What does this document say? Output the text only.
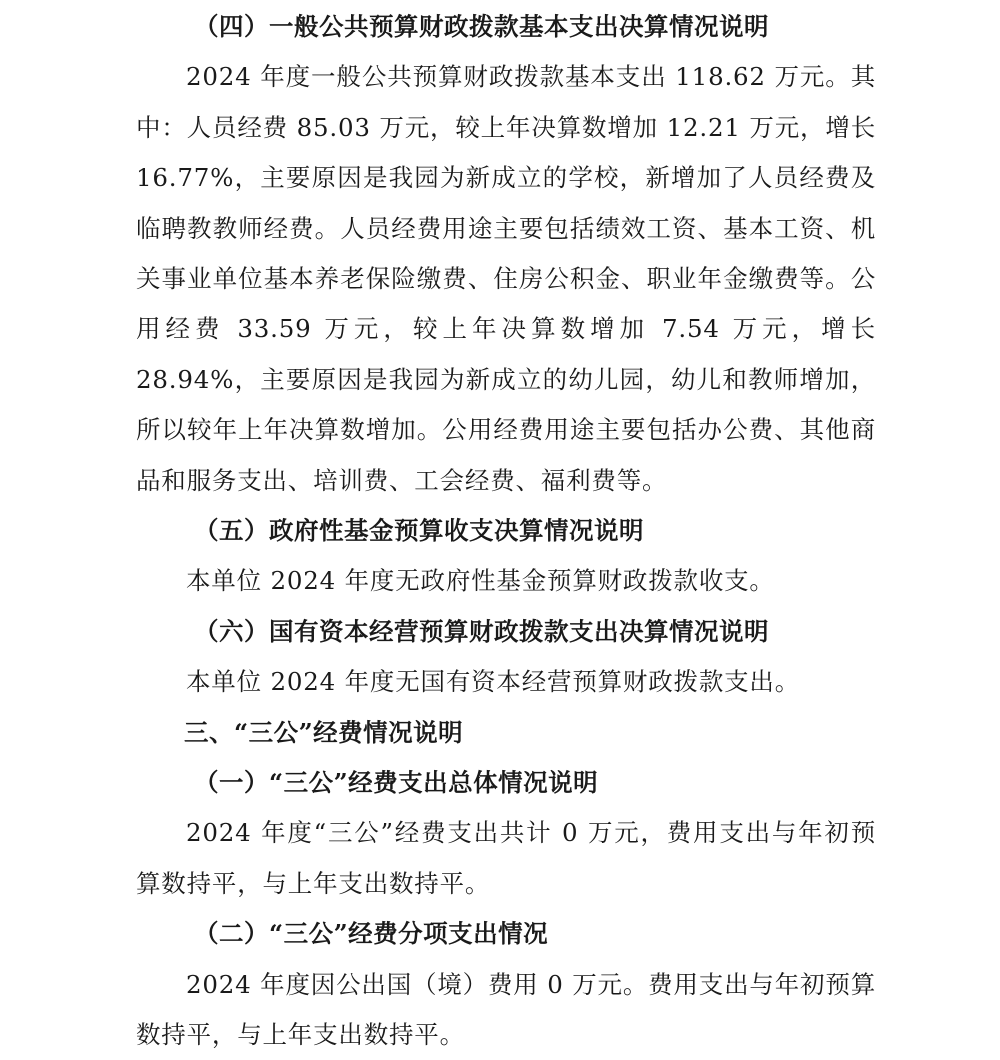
（四）一般公共预算财政拨款基本支出决算情况说明

2024 年度一般公共预算财政拨款基本支出 118.62 万元。其中：人员经费 85.03 万元，较上年决算数增加 12.21 万元，增长 16.77%，主要原因是我园为新成立的学校，新增加了人员经费及临聘教教师经费。人员经费用途主要包括绩效工资、基本工资、机关事业单位基本养老保险缴费、住房公积金、职业年金缴费等。公用经费 33.59 万元，较上年决算数增加 7.54 万元，增长 28.94%，主要原因是我园为新成立的幼儿园，幼儿和教师增加，所以较年上年决算数增加。公用经费用途主要包括办公费、其他商品和服务支出、培训费、工会经费、福利费等。

（五）政府性基金预算收支决算情况说明
本单位 2024 年度无政府性基金预算财政拨款收支。
（六）国有资本经营预算财政拨款支出决算情况说明
本单位 2024 年度无国有资本经营预算财政拨款支出。
三、“三公”经费情况说明
（一）“三公”经费支出总体情况说明

2024 年度“三公”经费支出共计 0 万元，费用支出与年初预算数持平，与上年支出数持平。

（二）“三公”经费分项支出情况

2024 年度因公出国（境）费用 0 万元。费用支出与年初预算数持平，与上年支出数持平。
